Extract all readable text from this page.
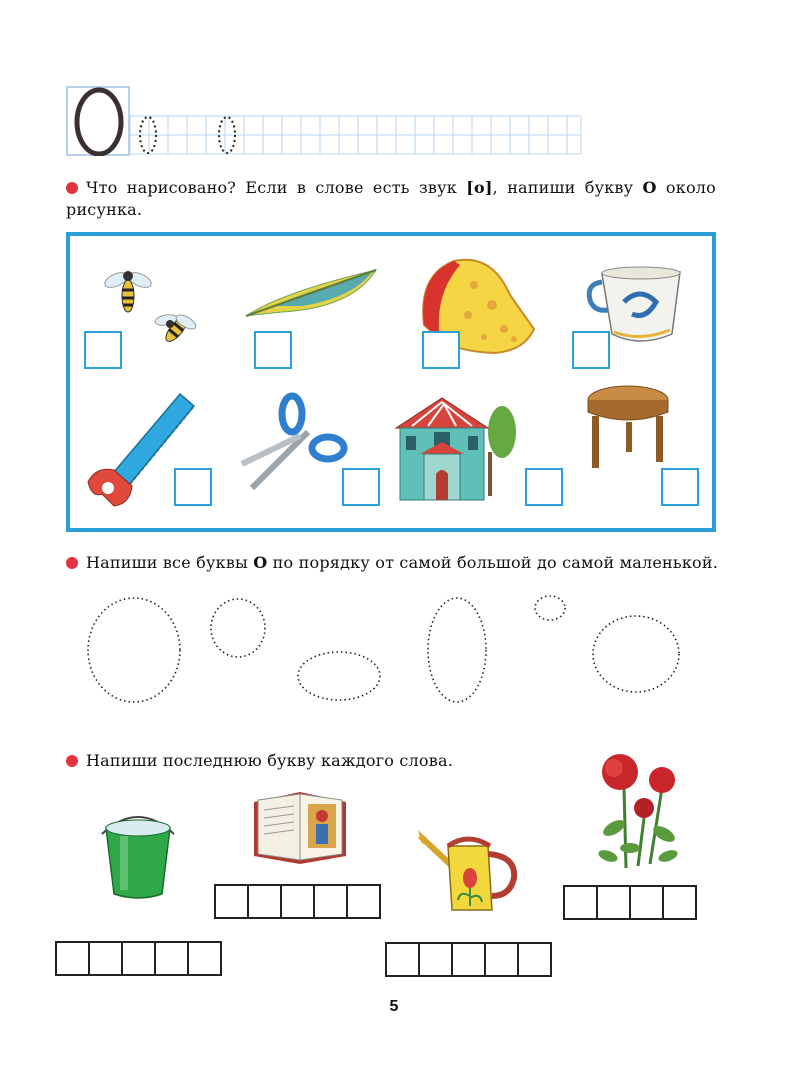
Что нарисовано? Если в слове есть звук [о], напиши букву О около рисунка.
Напиши все буквы О по порядку от самой большой до самой маленькой.
Напиши последнюю букву каждого слова.
5
